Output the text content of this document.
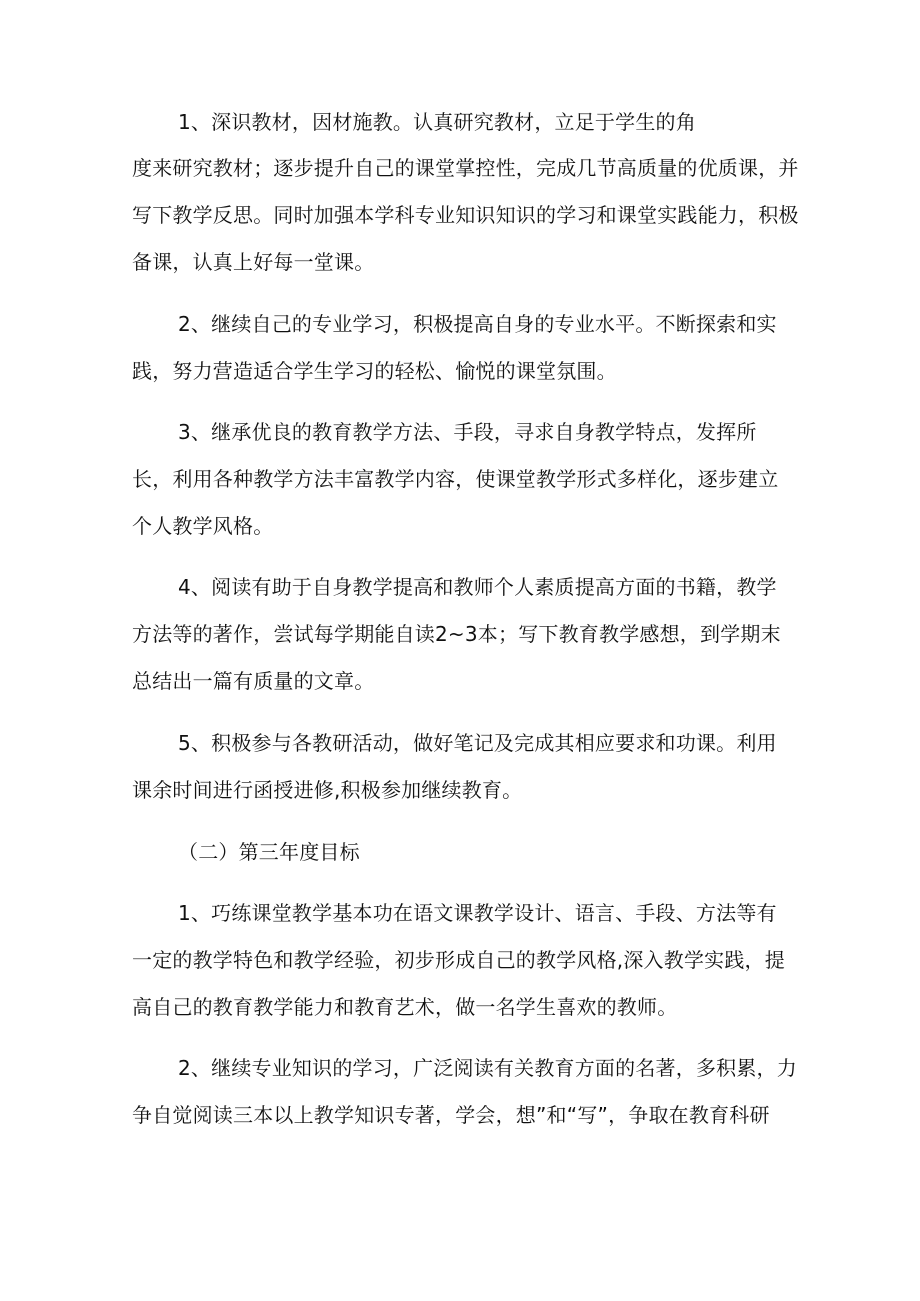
1、深识教材，因材施教。认真研究教材，立足于学生的角
度来研究教材；逐步提升自己的课堂掌控性，完成几节高质量的优质课，并
写下教学反思。同时加强本学科专业知识知识的学习和课堂实践能力，积极
备课，认真上好每一堂课。
2、继续自己的专业学习，积极提高自身的专业水平。不断探索和实
践，努力营造适合学生学习的轻松、愉悦的课堂氛围。
3、继承优良的教育教学方法、手段，寻求自身教学特点，发挥所
长，利用各种教学方法丰富教学内容，使课堂教学形式多样化，逐步建立
个人教学风格。
4、阅读有助于自身教学提高和教师个人素质提高方面的书籍，教学
方法等的著作，尝试每学期能自读2~3本；写下教育教学感想，到学期末
总结出一篇有质量的文章。
5、积极参与各教研活动，做好笔记及完成其相应要求和功课。利用
课余时间进行函授进修,积极参加继续教育。
（二）第三年度目标
1、巧练课堂教学基本功在语文课教学设计、语言、手段、方法等有
一定的教学特色和教学经验，初步形成自己的教学风格,深入教学实践，提
高自己的教育教学能力和教育艺术，做一名学生喜欢的教师。
2、继续专业知识的学习，广泛阅读有关教育方面的名著，多积累，力
争自觉阅读三本以上教学知识专著，学会，想”和“写”，争取在教育科研
